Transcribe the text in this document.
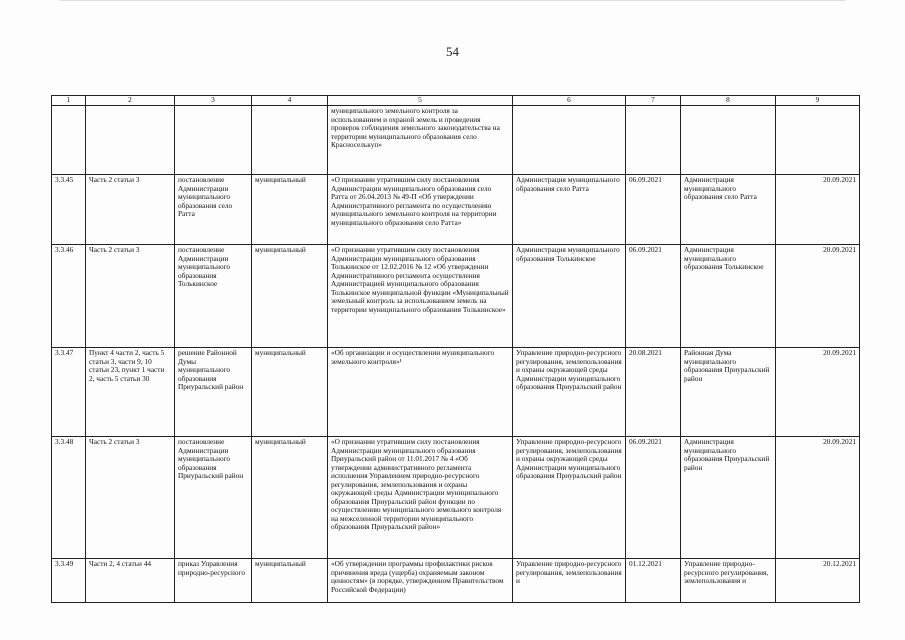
54
1	2	3	4	5	6	7	8	9
				муниципального земельного контроля за использованием и охраной земель и проведения проверок соблюдения земельного законодательства на территории муниципального образования село Красноселькуп»				
3.3.45	Часть 2 статьи 3	постановление Администрации муниципального образования село Ратта	муниципальный	«О признании утратившим силу постановления Администрации муниципального образования село Ратта от 26.04.2013 № 49-П «Об утверждении Административного регламента по осуществлению муниципального земельного контроля на территории муниципального образования село Ратта»	Администрация муниципального образования село Ратта	06.09.2021	Администрация муниципального образования село Ратта	20.09.2021
3.3.46	Часть 2 статьи 3	постановление Администрации муниципального образования Толькинское	муниципальный	«О признании утратившим силу постановления Администрации муниципального образования Толькинское от 12.02.2016 № 12 «Об утверждении Административного регламента осуществления Администрацией муниципального образования Толькинское муниципальной функции «Муниципальный земельный контроль за использованием земель на территории муниципального образования Толькинское»	Администрация муниципального образования Толькинское	06.09.2021	Администрация муниципального образования Толькинское	20.09.2021
3.3.47	Пункт 4 части 2, часть 5 статьи 3, части 9, 10 статьи 23, пункт 1 части 2, часть 5 статьи 30	решение Районной Думы муниципального образования Приуральский район	муниципальный	«Об организации и осуществлении муниципального земельного контроля»¹	Управление природно-ресурсного регулирования, землепользования и охраны окружающей среды Администрации муниципального образования Приуральский район	20.08.2021	Районная Дума муниципального образования Приуральский район	20.09.2021
3.3.48	Часть 2 статьи 3	постановление Администрации муниципального образования Приуральский район	муниципальный	«О признании утратившим силу постановления Администрации муниципального образования Приуральский район от 11.01.2017 № 4 «Об утверждении административного регламента исполнения Управлением природно-ресурсного регулирования, землепользования и охраны окружающей среды Администрации муниципального образования Приуральский район функции по осуществлению муниципального земельного контроля на межселенной территории муниципального образования Приуральский район»	Управление природно-ресурсного регулирования, землепользования и охраны окружающей среды Администрации муниципального образования Приуральский район	06.09.2021	Администрация муниципального образования Приуральский район	20.09.2021
3.3.49	Части 2, 4 статьи 44	приказ Управления природно-ресурсного	муниципальный	«Об утверждении программы профилактики рисков причинения вреда (ущерба) охраняемым законом ценностям» (в порядке, утвержденном Правительством Российской Федерации)	Управление природно-ресурсного регулирования, землепользования и	01.12.2021	Управление природно-ресурсного регулирования, землепользования и	20.12.2021
